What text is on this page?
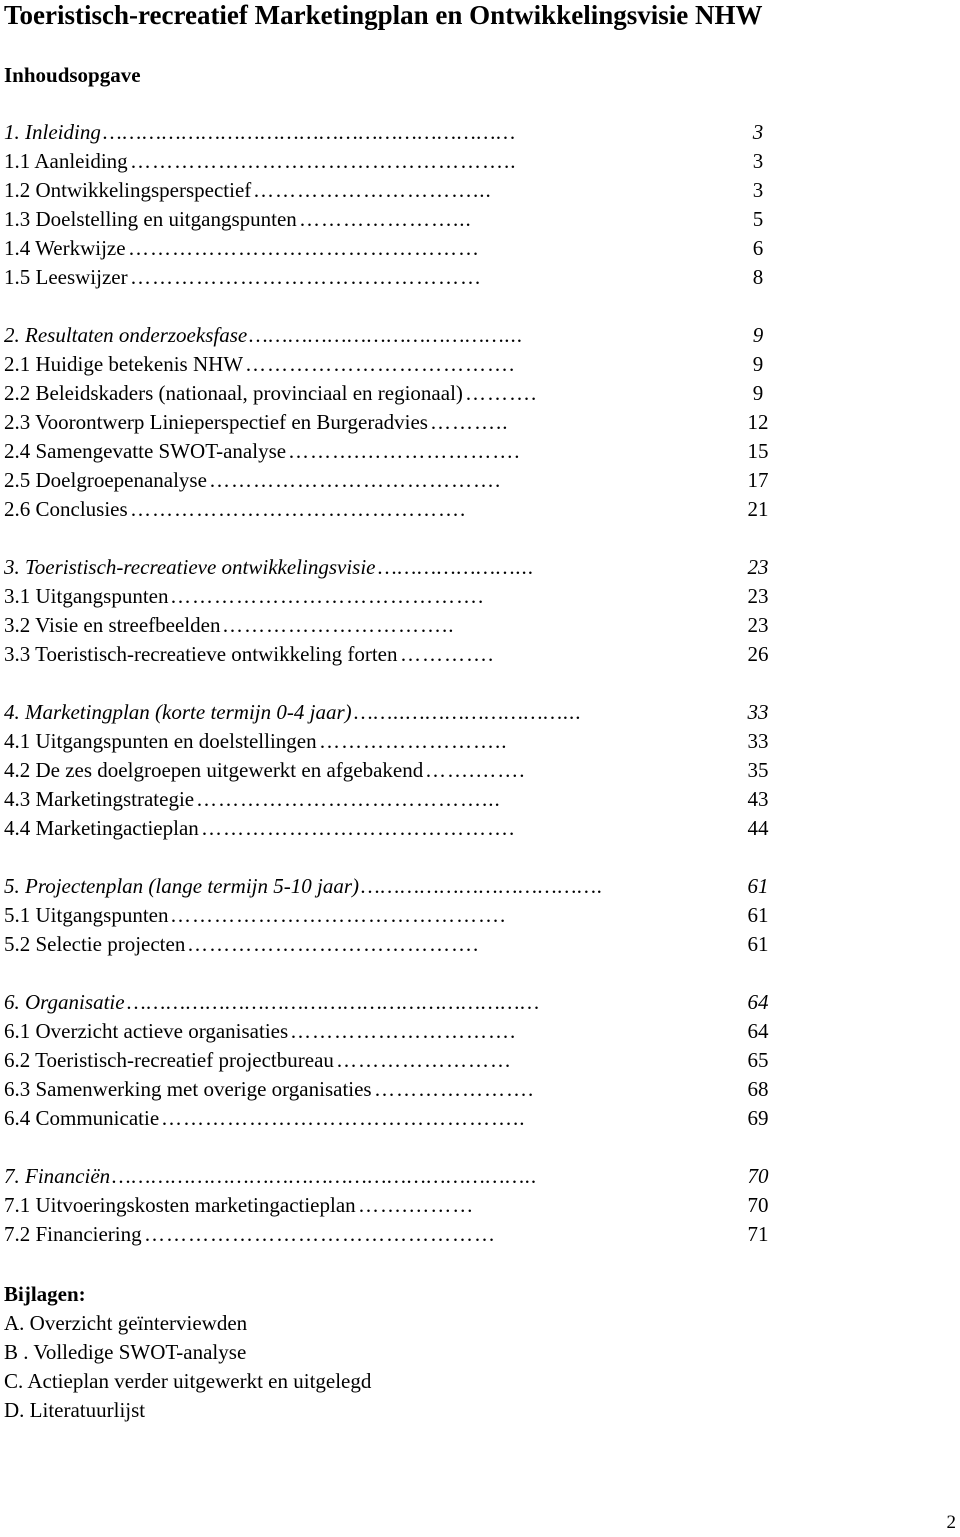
Toeristisch-recreatief Marketingplan en Ontwikkelingsvisie NHW
Inhoudsopgave
1. Inleiding ………………………………………………………	3
1.1 Aanleiding ……………………………………………..	3
1.2 Ontwikkelingsperspectief …………………………...	3
1.3 Doelstelling en uitgangspunten …………………...	5
1.4 Werkwijze …………………………………………	6
1.5 Leeswijzer …………………………………………	8
2. Resultaten onderzoeksfase …………………………………...	9
2.1 Huidige betekenis NHW ……………………………….	9
2.2 Beleidskaders (nationaal, provinciaal en regionaal) ……….	9
2.3 Voorontwerp Linieperspectief en Burgeradvies ………..	12
2.4 Samengevatte SWOT-analyse ……….………………….	15
2.5 Doelgroepenanalyse ………………………………….	17
2.6 Conclusies ……………………………………….	21
3. Toeristisch-recreatieve ontwikkelingsvisie …………………...	23
3.1 Uitgangspunten …………………………………….	23
3.2 Visie en streefbeelden …………………………..	23
3.3 Toeristisch-recreatieve ontwikkeling forten ………….	26
4. Marketingplan (korte termijn 0-4 jaar) ……..……………………...	33
4.1 Uitgangspunten en doelstellingen ……………………..	33
4.2 De zes doelgroepen uitgewerkt en afgebakend …….…….	35
4.3 Marketingstrategie …………………………………...	43
4.4 Marketingactieplan …………………………………….	44
5. Projectenplan (lange termijn 5-10 jaar) ……………………………….	61
5.1 Uitgangspunten ……………………………………….	61
5.2 Selectie projecten ………………………………….	61
6. Organisatie ………………………………………………………	64
6.1 Overzicht actieve organisaties ………………………….	64
6.2 Toeristisch-recreatief projectbureau ……………………	65
6.3 Samenwerking met overige organisaties ………………….	68
6.4 Communicatie …………………………………………..	69
7. Financiën ………………………………………………………..	70
7.1 Uitvoeringskosten marketingactieplan …….………	70
7.2 Financiering …………………………………………	71
Bijlagen:
A. Overzicht geïnterviewden
B . Volledige SWOT-analyse
C. Actieplan verder uitgewerkt en uitgelegd
D. Literatuurlijst
2
